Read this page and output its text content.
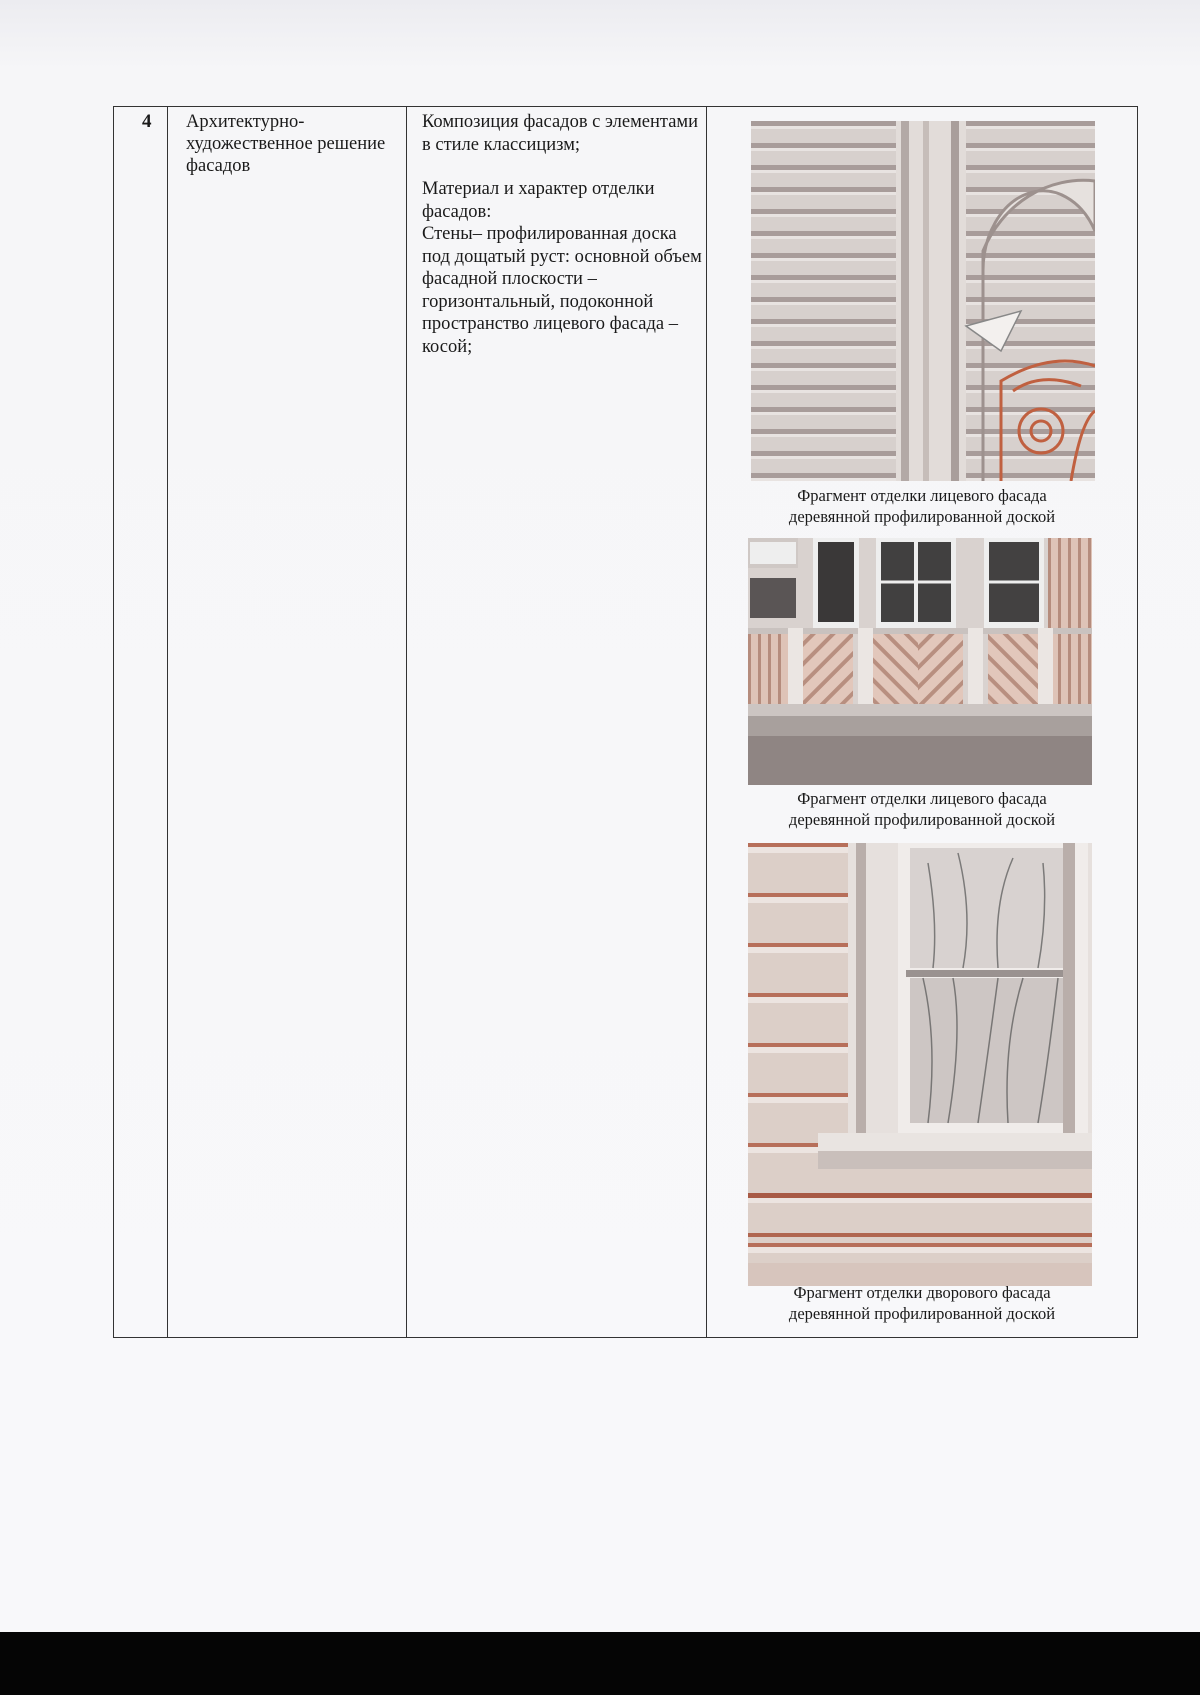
4 Архитектурно-художественное решение фасадов

Композиция фасадов с элементами в стиле классицизм;

Материал и характер отделки фасадов:
Стены– профилированная доска под дощатый руст: основной объем фасадной плоскости – горизонтальный, подоконной пространство лицевого фасада – косой;

Фрагмент отделки лицевого фасада
деревянной профилированной доской
Фрагмент отделки лицевого фасада
деревянной профилированной доской
Фрагмент отделки дворового фасада
деревянной профилированной доской
